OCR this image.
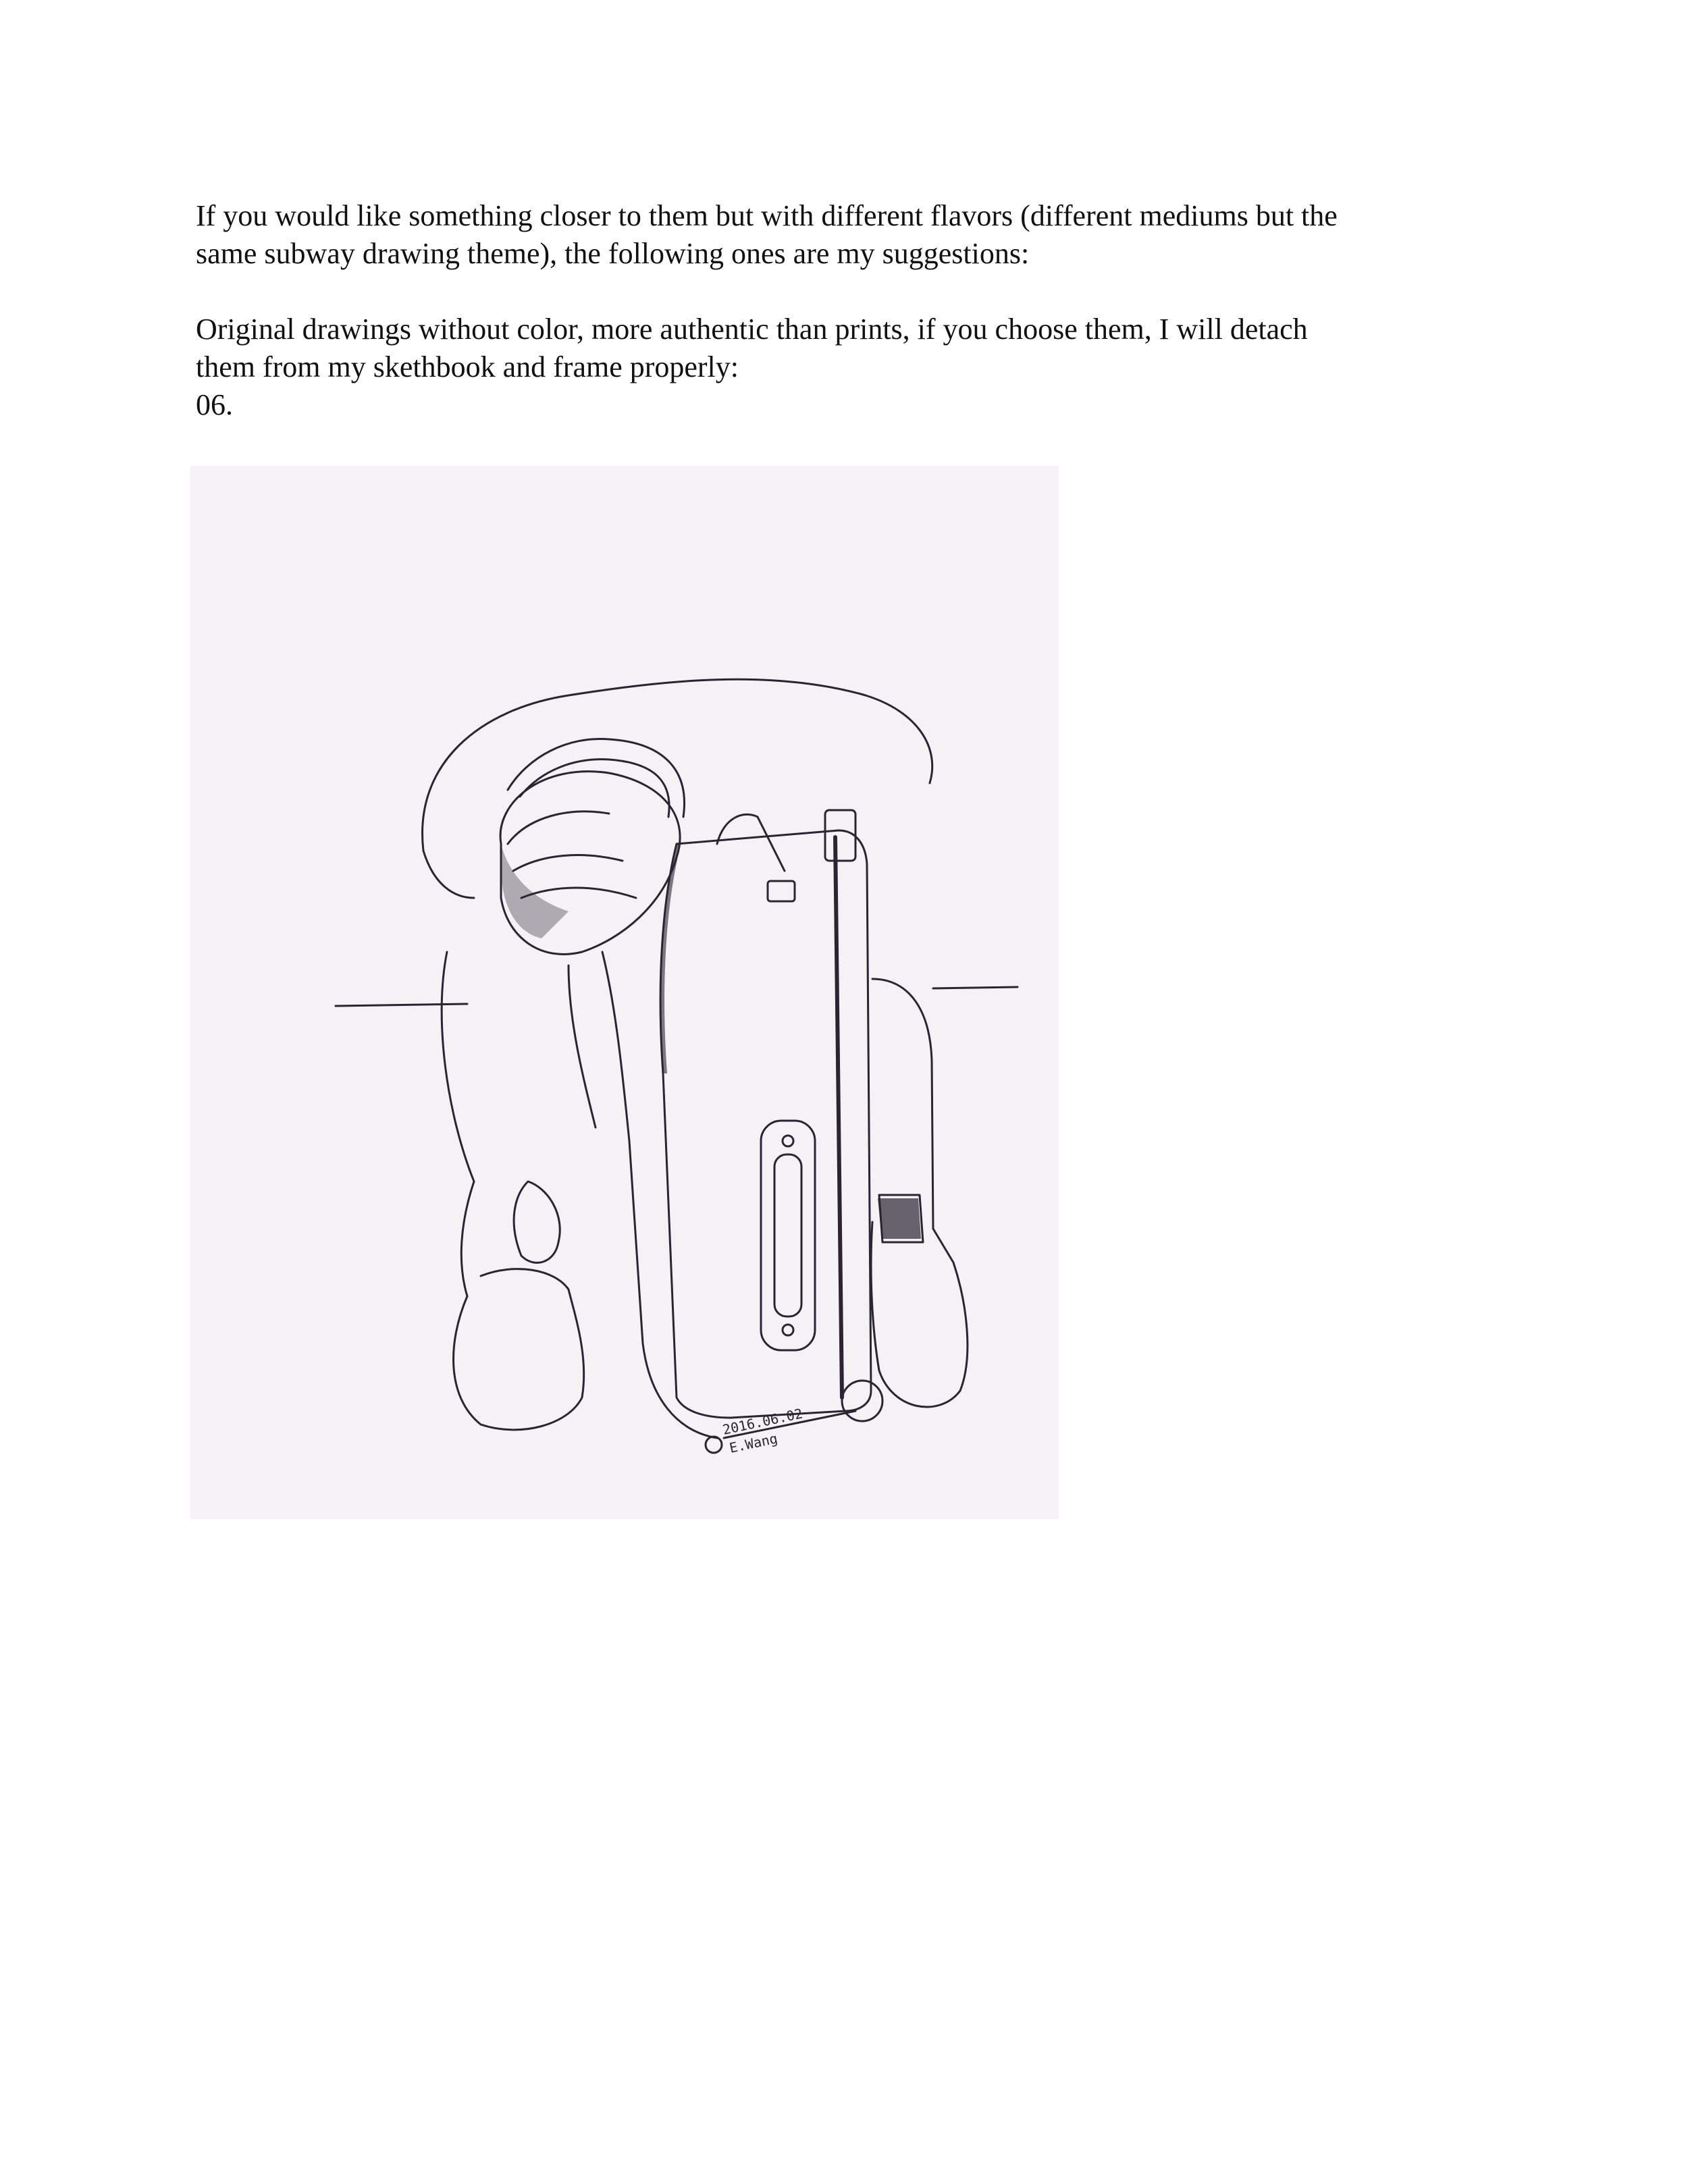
If you would like something closer to them but with different flavors (different mediums but the
same subway drawing theme), the following ones are my suggestions:

Original drawings without color, more authentic than prints, if you choose them, I will detach
them from my skethbook and frame properly:
06.

2016.06.02
E.Wang
